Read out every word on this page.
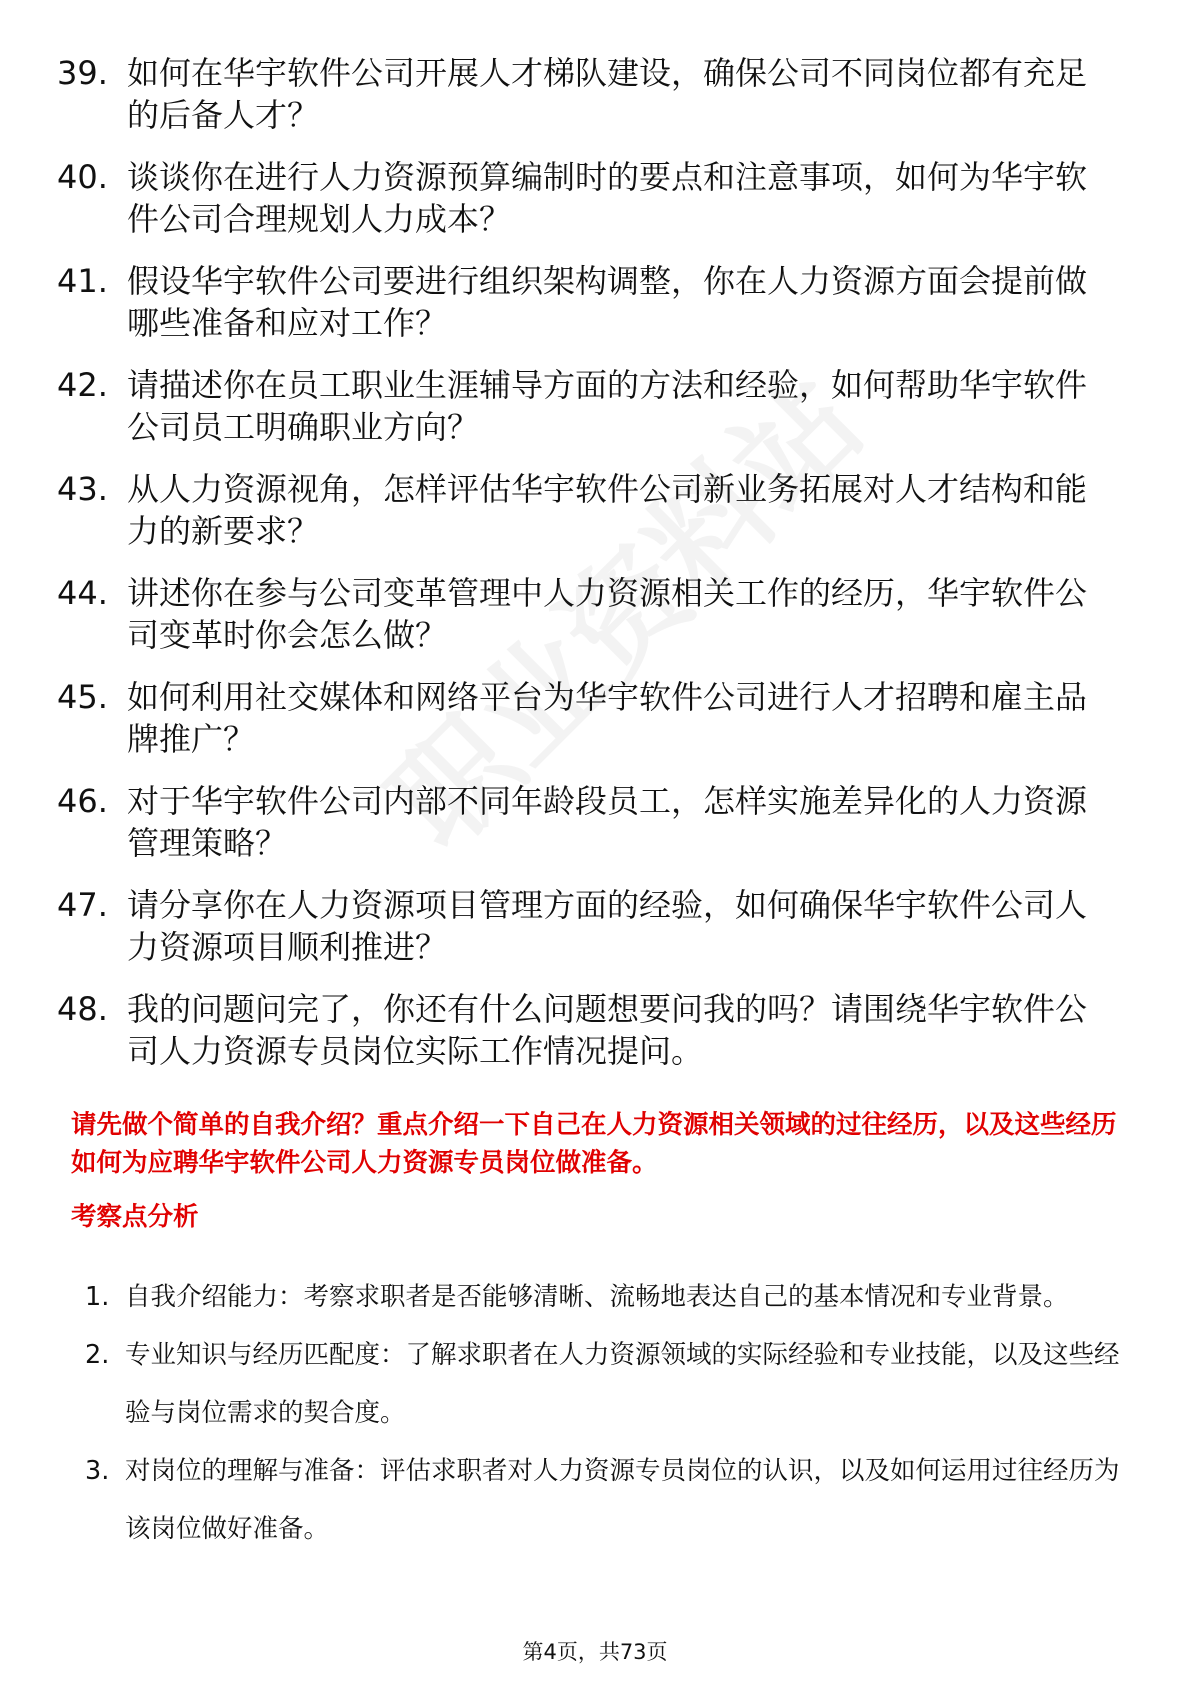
39. 如何在华宇软件公司开展人才梯队建设，确保公司不同岗位都有充足的后备人才？
40. 谈谈你在进行人力资源预算编制时的要点和注意事项，如何为华宇软件公司合理规划人力成本？
41. 假设华宇软件公司要进行组织架构调整，你在人力资源方面会提前做哪些准备和应对工作？
42. 请描述你在员工职业生涯辅导方面的方法和经验，如何帮助华宇软件公司员工明确职业方向？
43. 从人力资源视角，怎样评估华宇软件公司新业务拓展对人才结构和能力的新要求？
44. 讲述你在参与公司变革管理中人力资源相关工作的经历，华宇软件公司变革时你会怎么做？
45. 如何利用社交媒体和网络平台为华宇软件公司进行人才招聘和雇主品牌推广？
46. 对于华宇软件公司内部不同年龄段员工，怎样实施差异化的人力资源管理策略？
47. 请分享你在人力资源项目管理方面的经验，如何确保华宇软件公司人力资源项目顺利推进？
48. 我的问题问完了，你还有什么问题想要问我的吗？请围绕华宇软件公司人力资源专员岗位实际工作情况提问。
请先做个简单的自我介绍？重点介绍一下自己在人力资源相关领域的过往经历，以及这些经历如何为应聘华宇软件公司人力资源专员岗位做准备。
考察点分析
1. 自我介绍能力：考察求职者是否能够清晰、流畅地表达自己的基本情况和专业背景。
2. 专业知识与经历匹配度：了解求职者在人力资源领域的实际经验和专业技能，以及这些经验与岗位需求的契合度。
3. 对岗位的理解与准备：评估求职者对人力资源专员岗位的认识，以及如何运用过往经历为该岗位做好准备。
第4页，共73页
